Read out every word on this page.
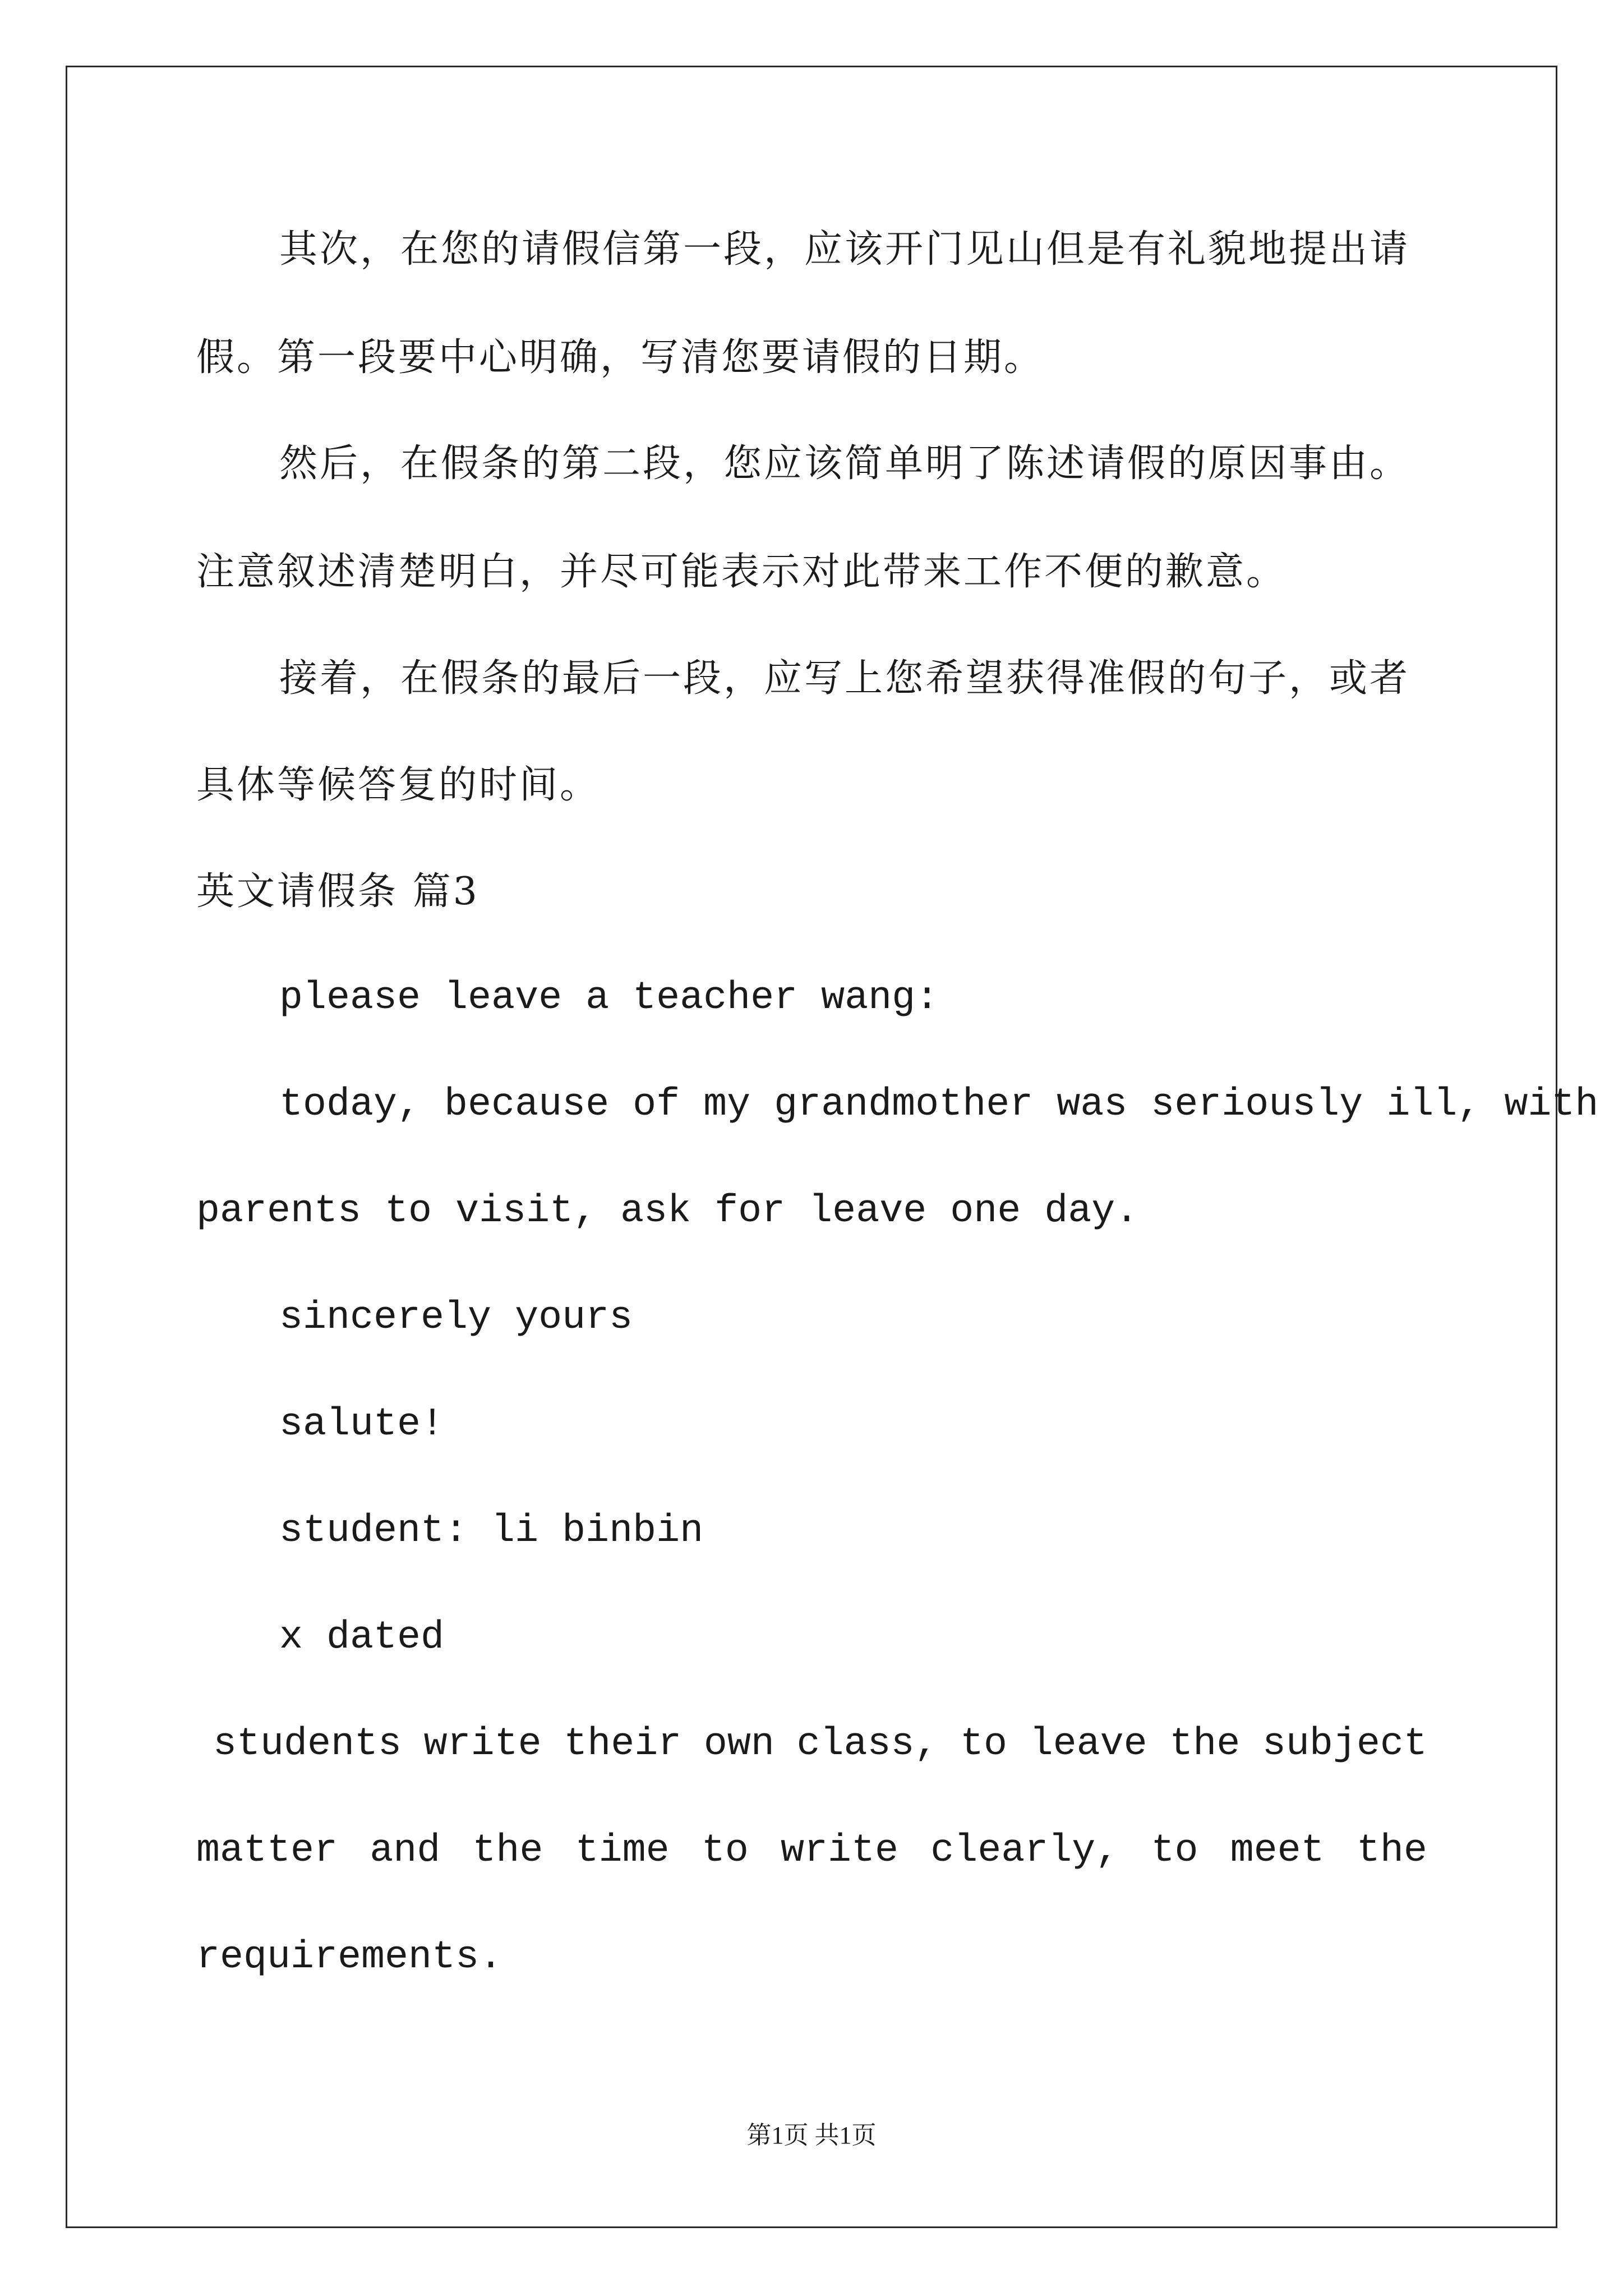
其次，在您的请假信第一段，应该开门见山但是有礼貌地提出请
假。第一段要中心明确，写清您要请假的日期。
然后，在假条的第二段，您应该简单明了陈述请假的原因事由。
注意叙述清楚明白，并尽可能表示对此带来工作不便的歉意。
接着，在假条的最后一段，应写上您希望获得准假的句子，或者
具体等候答复的时间。
英文请假条 篇3
please leave a teacher wang:
today, because of my grandmother was seriously ill, with
parents to visit, ask for leave one day.
sincerely yours
salute!
student: li binbin
x dated
students write their own class, to leave the subject
matter and the time to write clearly, to meet the
requirements.
第1页 共1页
